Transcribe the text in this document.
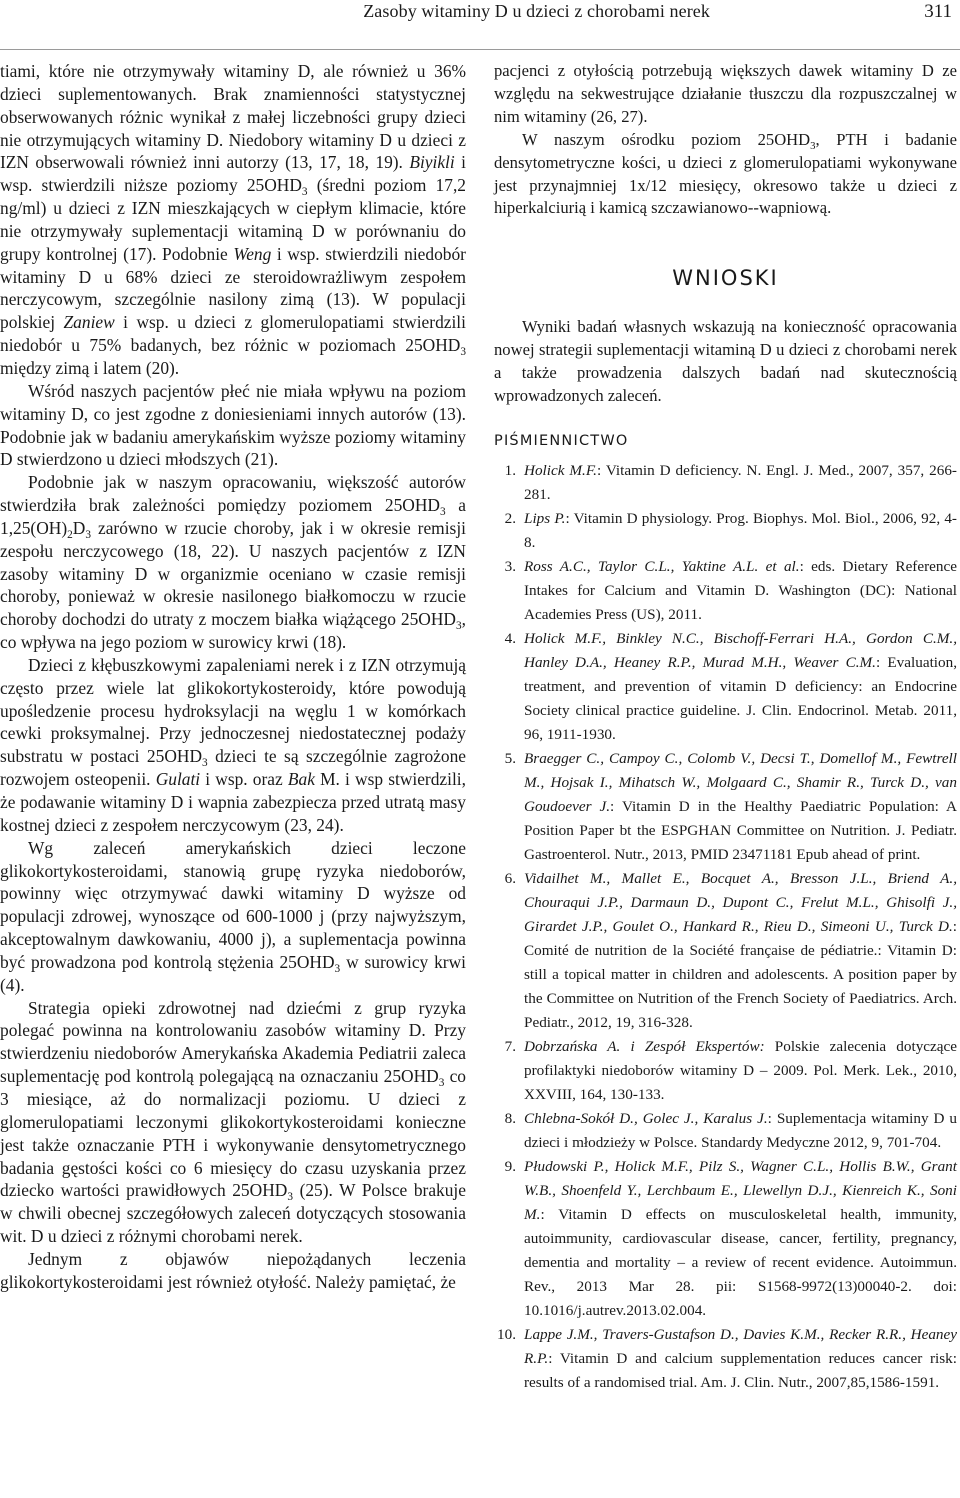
Zasoby witaminy D u dzieci z chorobami nerek	311

tiami, które nie otrzymywały witaminy D, ale również u 36% dzieci suplementowanych. Brak znamienności statystycznej obserwowanych różnic wynikał z małej liczebności grupy dzieci nie otrzymujących witaminy D. Niedobory witaminy D u dzieci z IZN obserwowali również inni autorzy (13, 17, 18, 19). Biyikli i wsp. stwierdzili niższe poziomy $25OHD_3$ (średni poziom 17,2 ng/ml) u dzieci z IZN mieszkających w ciepłym klimacie, które nie otrzymywały suplementacji witaminą D w porównaniu do grupy kontrolnej (17). Podobnie Weng i wsp. stwierdzili niedobór witaminy D u 68% dzieci ze steroidowrażliwym zespołem nerczycowym, szczególnie nasilony zimą (13). W populacji polskiej Zaniew i wsp. u dzieci z glomerulopatiami stwierdzili niedobór u 75% badanych, bez różnic w poziomach $25OHD_3$ między zimą i latem (20).

Wśród naszych pacjentów płeć nie miała wpływu na poziom witaminy D, co jest zgodne z doniesieniami innych autorów (13). Podobnie jak w badaniu amerykańskim wyższe poziomy witaminy D stwierdzono u dzieci młodszych (21).

Podobnie jak w naszym opracowaniu, większość autorów stwierdziła brak zależności pomiędzy poziomem $25OHD_3$ a $1,25(OH)_2D_3$ zarówno w rzucie choroby, jak i w okresie remisji zespołu nerczycowego (18, 22). U naszych pacjentów z IZN zasoby witaminy D w organizmie oceniano w czasie remisji choroby, ponieważ w okresie nasilonego białkomoczu w rzucie choroby dochodzi do utraty z moczem białka wiążącego $25OHD_3$, co wpływa na jego poziom w surowicy krwi (18).

Dzieci z kłębuszkowymi zapaleniami nerek i z IZN otrzymują często przez wiele lat glikokortykosteroidy, które powodują upośledzenie procesu hydroksylacji na węglu 1 w komórkach cewki proksymalnej. Przy jednoczesnej niedostatecznej podaży substratu w postaci $25OHD_3$ dzieci te są szczególnie zagrożone rozwojem osteopenii. Gulati i wsp. oraz Bak M. i wsp stwierdzili, że podawanie witaminy D i wapnia zabezpiecza przed utratą masy kostnej dzieci z zespołem nerczycowym (23, 24).

Wg zaleceń amerykańskich dzieci leczone glikokortykosteroidami, stanowią grupę ryzyka niedoborów, powinny więc otrzymywać dawki witaminy D wyższe od populacji zdrowej, wynoszące od 600-1000 j (przy najwyższym, akceptowalnym dawkowaniu, 4000 j), a suplementacja powinna być prowadzona pod kontrolą stężenia $25OHD_3$ w surowicy krwi (4).

Strategia opieki zdrowotnej nad dziećmi z grup ryzyka polegać powinna na kontrolowaniu zasobów witaminy D. Przy stwierdzeniu niedoborów Amerykańska Akademia Pediatrii zaleca suplementację pod kontrolą polegającą na oznaczaniu $25OHD_3$ co 3 miesiące, aż do normalizacji poziomu. U dzieci z glomerulopatiami leczonymi glikokortykosteroidami konieczne jest także oznaczanie PTH i wykonywanie densytometrycznego badania gęstości kości co 6 miesięcy do czasu uzyskania przez dziecko wartości prawidłowych $25OHD_3$ (25). W Polsce brakuje w chwili obecnej szczegółowych zaleceń dotyczących stosowania wit. D u dzieci z różnymi chorobami nerek.

Jednym z objawów niepożądanych leczenia glikokortykosteroidami jest również otyłość. Należy pamiętać, że

pacjenci z otyłością potrzebują większych dawek witaminy D ze względu na sekwestrujące działanie tłuszczu dla rozpuszczalnej w nim witaminy (26, 27).

W naszym ośrodku poziom $25OHD_3$, PTH i badanie densytometryczne kości, u dzieci z glomerulopatiami wykonywane jest przynajmniej 1x/12 miesięcy, okresowo także u dzieci z hiperkalciurią i kamicą szczawianowo--wapniową.

WNIOSKI

Wyniki badań własnych wskazują na konieczność opracowania nowej strategii suplementacji witaminą D u dzieci z chorobami nerek a także prowadzenia dalszych badań nad skutecznością wprowadzonych zaleceń.

PIŚMIENNICTWO
1. Holick M.F.: Vitamin D deficiency. N. Engl. J. Med., 2007, 357, 266-281.
2. Lips P.: Vitamin D physiology. Prog. Biophys. Mol. Biol., 2006, 92, 4-8.
3. Ross A.C., Taylor C.L., Yaktine A.L. et al.: eds. Dietary Reference Intakes for Calcium and Vitamin D. Washington (DC): National Academies Press (US), 2011.
4. Holick M.F., Binkley N.C., Bischoff-Ferrari H.A., Gordon C.M., Hanley D.A., Heaney R.P., Murad M.H., Weaver C.M.: Evaluation, treatment, and prevention of vitamin D deficiency: an Endocrine Society clinical practice guideline. J. Clin. Endocrinol. Metab. 2011, 96, 1911-1930.
5. Braegger C., Campoy C., Colomb V., Decsi T., Domellof M., Fewtrell M., Hojsak I., Mihatsch W., Molgaard C., Shamir R., Turck D., van Goudoever J.: Vitamin D in the Healthy Paediatric Population: A Position Paper bt the ESPGHAN Committee on Nutrition. J. Pediatr. Gastroenterol. Nutr., 2013, PMID 23471181 Epub ahead of print.
6. Vidailhet M., Mallet E., Bocquet A., Bresson J.L., Briend A., Chouraqui J.P., Darmaun D., Dupont C., Frelut M.L., Ghisolfi J., Girardet J.P., Goulet O., Hankard R., Rieu D., Simeoni U., Turck D.: Comité de nutrition de la Société française de pédiatrie.: Vitamin D: still a topical matter in children and adolescents. A position paper by the Committee on Nutrition of the French Society of Paediatrics. Arch. Pediatr., 2012, 19, 316-328.
7. Dobrzańska A. i Zespół Ekspertów: Polskie zalecenia dotyczące profilaktyki niedoborów witaminy D – 2009. Pol. Merk. Lek., 2010, XXVIII, 164, 130-133.
8. Chlebna-Sokół D., Golec J., Karalus J.: Suplementacja witaminy D u dzieci i młodzieży w Polsce. Standardy Medyczne 2012, 9, 701-704.
9. Płudowski P., Holick M.F., Pilz S., Wagner C.L., Hollis B.W., Grant W.B., Shoenfeld Y., Lerchbaum E., Llewellyn D.J., Kienreich K., Soni M.: Vitamin D effects on musculoskeletal health, immunity, autoimmunity, cardiovascular disease, cancer, fertility, pregnancy, dementia and mortality – a review of recent evidence. Autoimmun. Rev., 2013 Mar 28. pii: S1568-9972(13)00040-2. doi: 10.1016/j.autrev.2013.02.004.
10. Lappe J.M., Travers-Gustafson D., Davies K.M., Recker R.R., Heaney R.P.: Vitamin D and calcium supplementation reduces cancer risk: results of a randomised trial. Am. J. Clin. Nutr., 2007,85,1586-1591.
